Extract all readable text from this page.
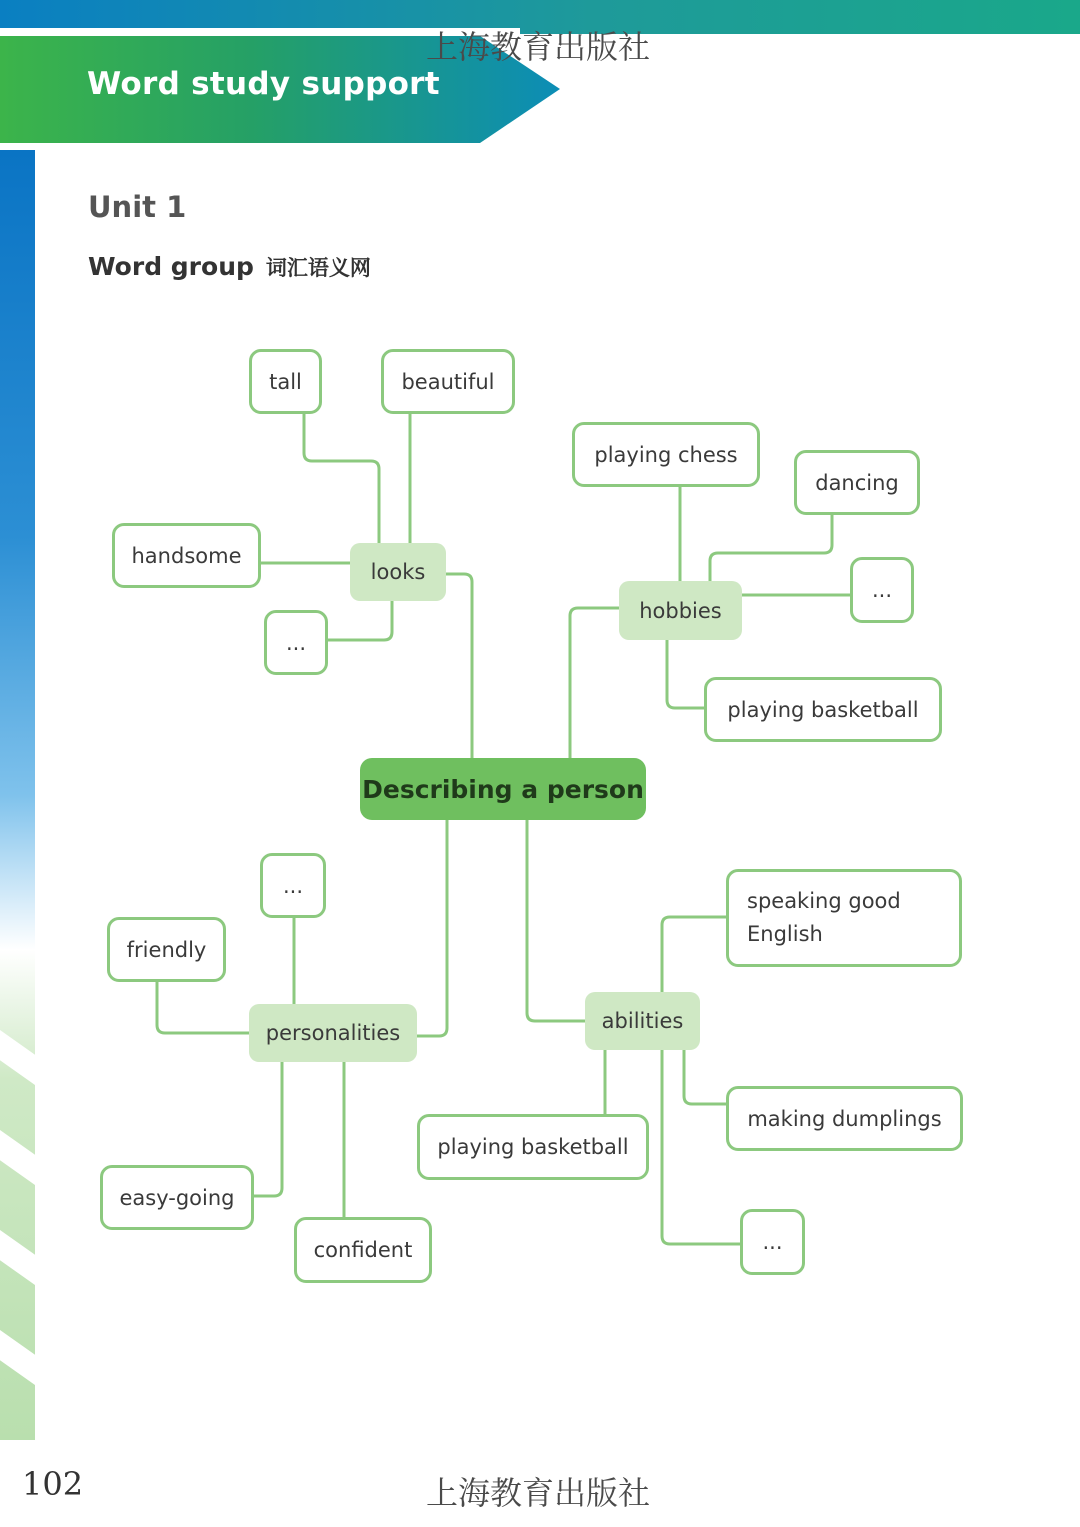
Word study support
上海教育出版社
Unit 1
Word group 词汇语义网
Describing a person
looks
tall	beautiful
handsome
...
hobbies
playing chess
dancing
...
playing basketball
personalities
...
friendly
easy-going
confident
abilities
speaking good English
making dumplings
playing basketball
...
102	上海教育出版社
